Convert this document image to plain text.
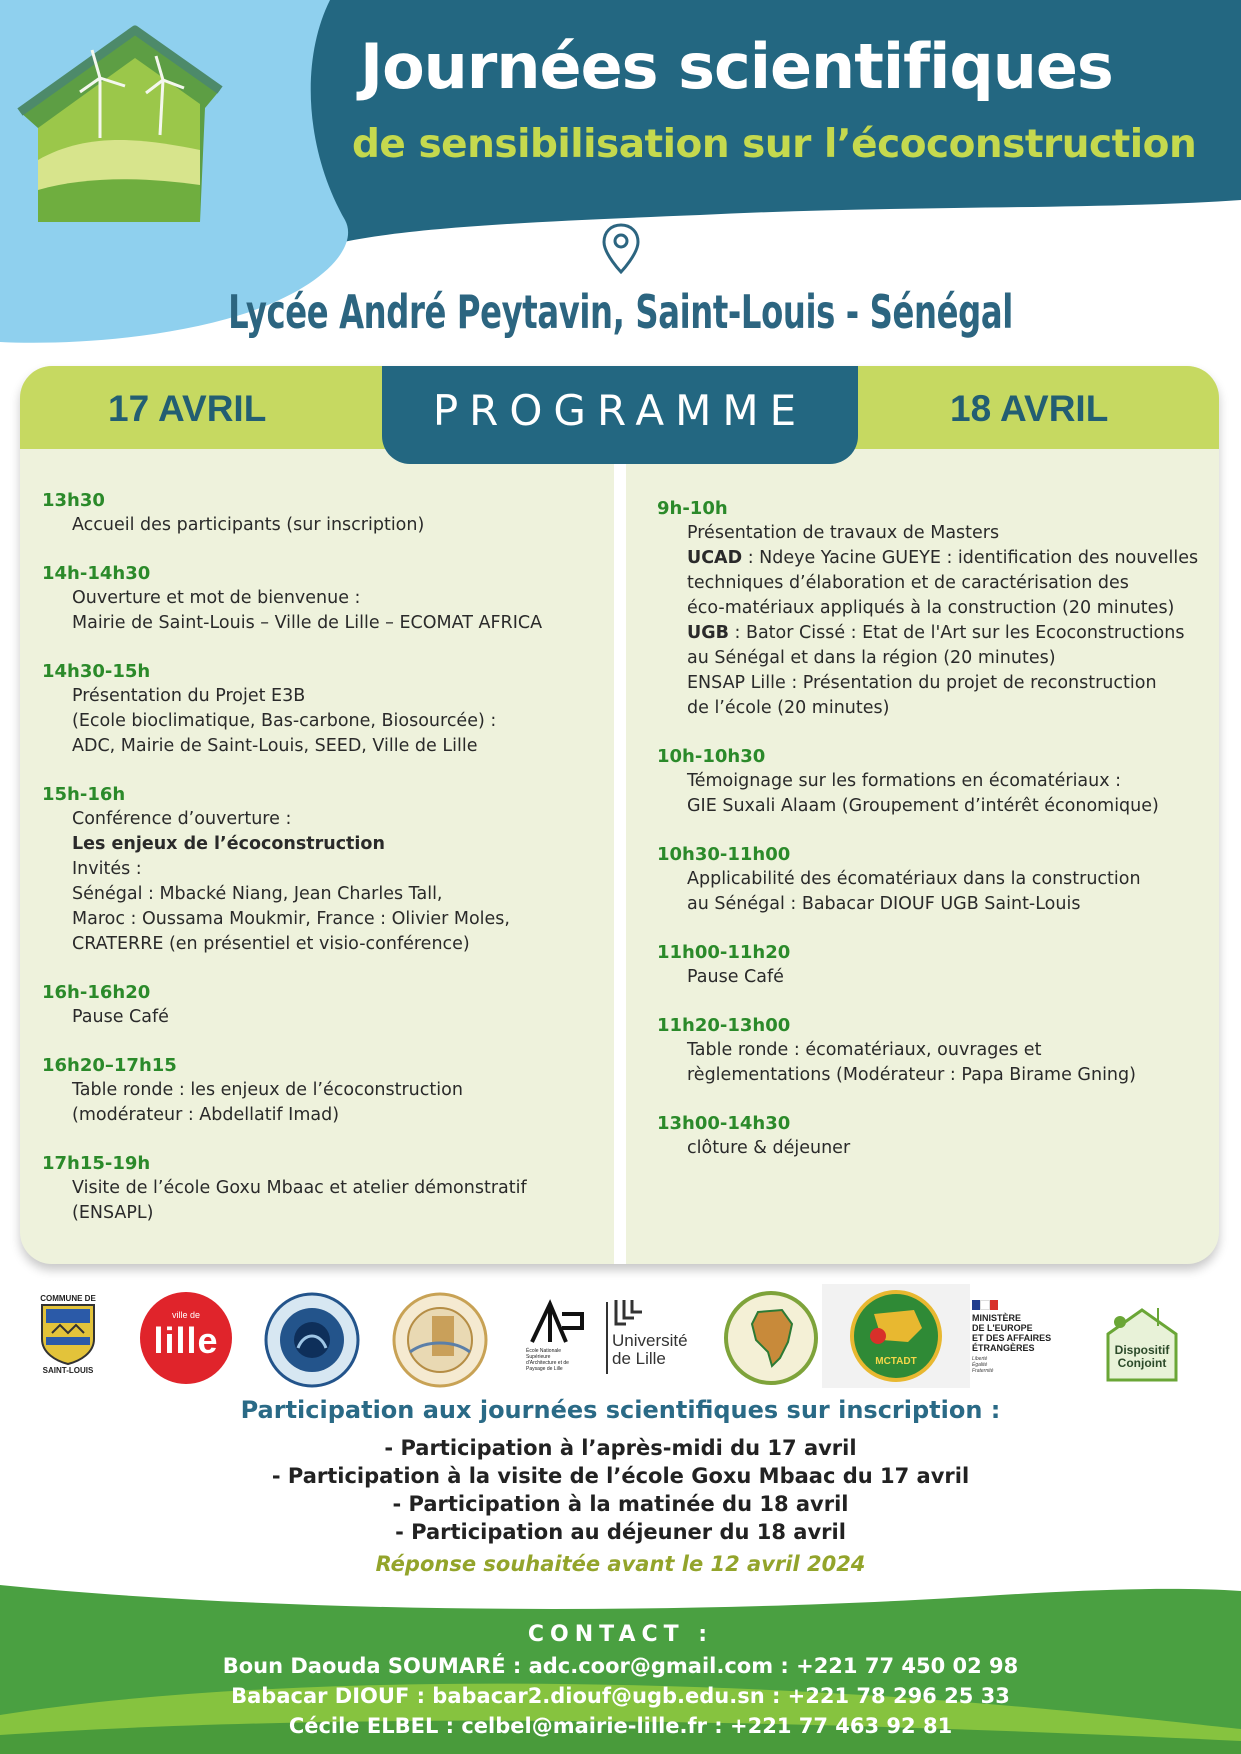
Journées scientifiques
de sensibilisation sur l’écoconstruction
Lycée André Peytavin, Saint-Louis - Sénégal
17 AVRIL	18 AVRIL
PROGRAMME
13h30
Accueil des participants (sur inscription)
14h-14h30
Ouverture et mot de bienvenue :
Mairie de Saint-Louis – Ville de Lille – ECOMAT AFRICA
14h30-15h
Présentation du Projet E3B
(Ecole bioclimatique, Bas-carbone, Biosourcée) :
ADC, Mairie de Saint-Louis, SEED, Ville de Lille
15h-16h
Conférence d’ouverture :
Les enjeux de l’écoconstruction
Invités :
Sénégal : Mbacké Niang, Jean Charles Tall,
Maroc : Oussama Moukmir, France : Olivier Moles,
CRATERRE (en présentiel et visio-conférence)
16h-16h20
Pause Café
16h20–17h15
Table ronde : les enjeux de l’écoconstruction
(modérateur : Abdellatif Imad)
17h15-19h
Visite de l’école Goxu Mbaac et atelier démonstratif
(ENSAPL)
9h-10h
Présentation de travaux de Masters
UCAD : Ndeye Yacine GUEYE : identification des nouvelles
techniques d’élaboration et de caractérisation des
éco-matériaux appliqués à la construction (20 minutes)
UGB : Bator Cissé : Etat de l'Art sur les Ecoconstructions
au Sénégal et dans la région (20 minutes)
ENSAP Lille : Présentation du projet de reconstruction
de l’école (20 minutes)
10h-10h30
Témoignage sur les formations en écomatériaux :
GIE Suxali Alaam (Groupement d’intérêt économique)
10h30-11h00
Applicabilité des écomatériaux dans la construction
au Sénégal : Babacar DIOUF UGB Saint-Louis
11h00-11h20
Pause Café
11h20-13h00
Table ronde : écomatériaux, ouvrages et
règlementations (Modérateur : Papa Birame Gning)
13h00-14h30
clôture & déjeuner
COMMUNE DE
SAINT-LOUIS
ville de
lille	École Nationale
Supérieure
d'Architecture et de
Paysage de Lille
Université
de Lille	MCTADT
MINISTÈRE
DE L'EUROPE
ET DES AFFAIRES
ÉTRANGÈRES
Liberté
Égalité
Fraternité
Dispositif
Conjoint
Participation aux journées scientifiques sur inscription :
- Participation à l’après-midi du 17 avril
- Participation à la visite de l’école Goxu Mbaac du 17 avril
- Participation à la matinée du 18 avril
- Participation au déjeuner du 18 avril
Réponse souhaitée avant le 12 avril 2024
CONTACT :
Boun Daouda SOUMARÉ : adc.coor@gmail.com : +221 77 450 02 98
Babacar DIOUF : babacar2.diouf@ugb.edu.sn : +221 78 296 25 33
Cécile ELBEL : celbel@mairie-lille.fr : +221 77 463 92 81
